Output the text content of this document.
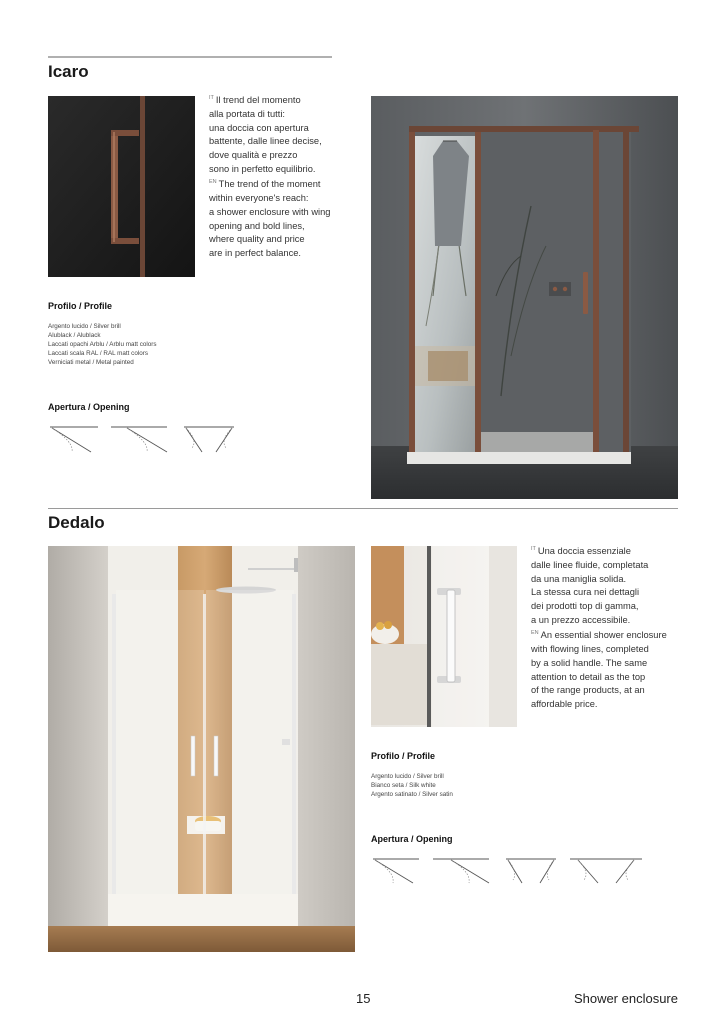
Icaro

$^{IT}$ Il trend del momento

alla portata di tutti:

una doccia con apertura

battente, dalle linee decise,

dove qualità e prezzo

sono in perfetto equilibrio.

$^{EN}$ The trend of the moment

within everyone's reach:

a shower enclosure with wing

opening and bold lines,

where quality and price

are in perfect balance.

Profilo / Profile
Argento lucido / Silver brill
Alublack / Alublack
Laccati opachi Arblu / Arblu matt colors
Laccati scala RAL / RAL matt colors
Verniciati metal / Metal painted
Apertura / Opening
Dedalo

$^{IT}$ Una doccia essenziale

dalle linee fluide, completata

da una maniglia solida.

La stessa cura nei dettagli

dei prodotti top di gamma,

a un prezzo accessibile.

$^{EN}$ An essential shower enclosure

with flowing lines, completed

by a solid handle. The same

attention to detail as the top

of the range products, at an

affordable price.

Profilo / Profile
Argento lucido / Silver brill
Bianco seta / Silk white
Argento satinato / Silver satin
Apertura / Opening
15	Shower enclosure
